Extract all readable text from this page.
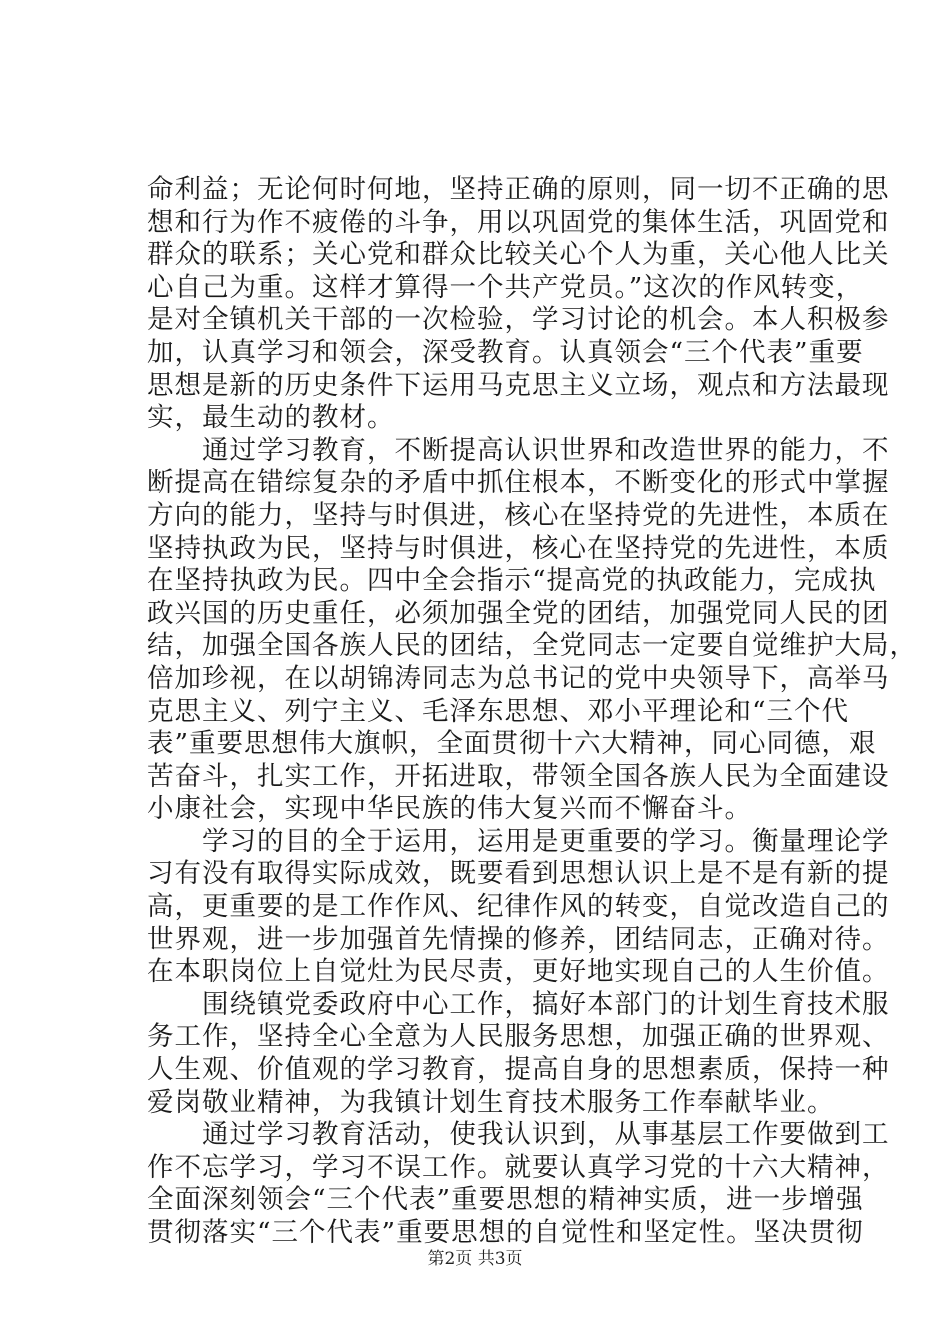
命利益；无论何时何地，坚持正确的原则，同一切不正确的思
想和行为作不疲倦的斗争，用以巩固党的集体生活，巩固党和
群众的联系；关心党和群众比较关心个人为重，关心他人比关
心自己为重。这样才算得一个共产党员。”这次的作风转变，
是对全镇机关干部的一次检验，学习讨论的机会。本人积极参
加，认真学习和领会，深受教育。认真领会“三个代表”重要
思想是新的历史条件下运用马克思主义立场，观点和方法最现
实，最生动的教材。
　　通过学习教育，不断提高认识世界和改造世界的能力，不
断提高在错综复杂的矛盾中抓住根本，不断变化的形式中掌握
方向的能力，坚持与时俱进，核心在坚持党的先进性，本质在
坚持执政为民，坚持与时俱进，核心在坚持党的先进性，本质
在坚持执政为民。四中全会指示“提高党的执政能力，完成执
政兴国的历史重任，必须加强全党的团结，加强党同人民的团
结，加强全国各族人民的团结，全党同志一定要自觉维护大局，
倍加珍视，在以胡锦涛同志为总书记的党中央领导下，高举马
克思主义、列宁主义、毛泽东思想、邓小平理论和“三个代
表”重要思想伟大旗帜，全面贯彻十六大精神，同心同德，艰
苦奋斗，扎实工作，开拓进取，带领全国各族人民为全面建设
小康社会，实现中华民族的伟大复兴而不懈奋斗。
　　学习的目的全于运用，运用是更重要的学习。衡量理论学
习有没有取得实际成效，既要看到思想认识上是不是有新的提
高，更重要的是工作作风、纪律作风的转变，自觉改造自己的
世界观，进一步加强首先情操的修养，团结同志，正确对待。
在本职岗位上自觉灶为民尽责，更好地实现自己的人生价值。
　　围绕镇党委政府中心工作，搞好本部门的计划生育技术服
务工作，坚持全心全意为人民服务思想，加强正确的世界观、
人生观、价值观的学习教育，提高自身的思想素质，保持一种
爱岗敬业精神，为我镇计划生育技术服务工作奉献毕业。
　　通过学习教育活动，使我认识到，从事基层工作要做到工
作不忘学习，学习不误工作。就要认真学习党的十六大精神，
全面深刻领会“三个代表”重要思想的精神实质，进一步增强
贯彻落实“三个代表”重要思想的自觉性和坚定性。坚决贯彻
第2页 共3页
